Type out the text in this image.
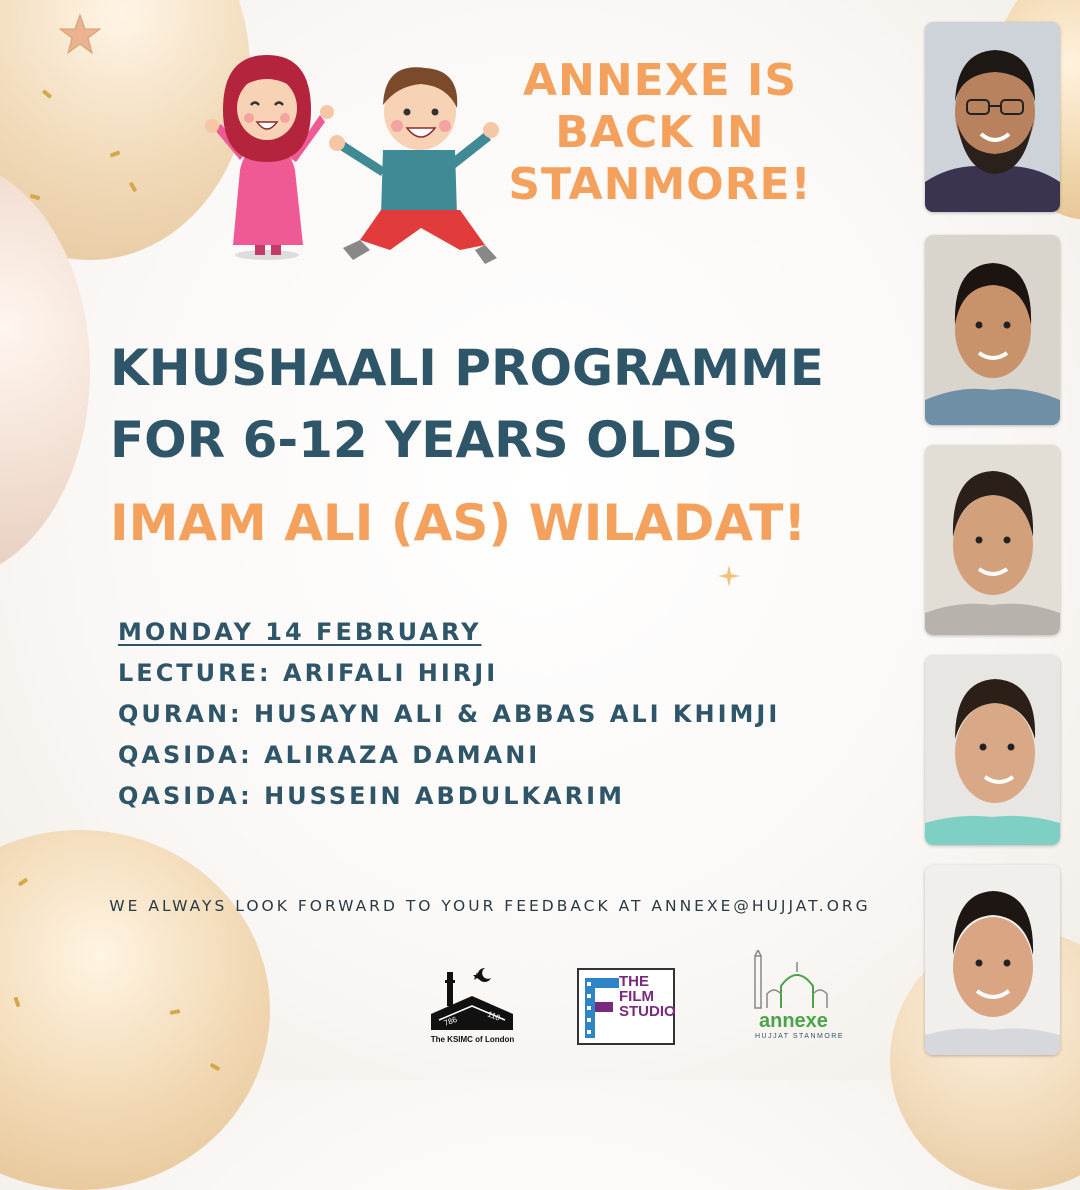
ANNEXE IS
BACK IN
STANMORE!
KHUSHAALI PROGRAMME
FOR 6-12 YEARS OLDS
IMAM ALI (AS) WILADAT!
MONDAY 14 FEBRUARY
LECTURE: ARIFALI HIRJI
QURAN: HUSAYN ALI & ABBAS ALI KHIMJI
QASIDA: ALIRAZA DAMANI
QASIDA: HUSSEIN ABDULKARIM
WE ALWAYS LOOK FORWARD TO YOUR FEEDBACK AT ANNEXE@HUJJAT.ORG
786	110
The KSIMC of London
THE
FILM
STUDIO	annexe
HUJJAT STANMORE
